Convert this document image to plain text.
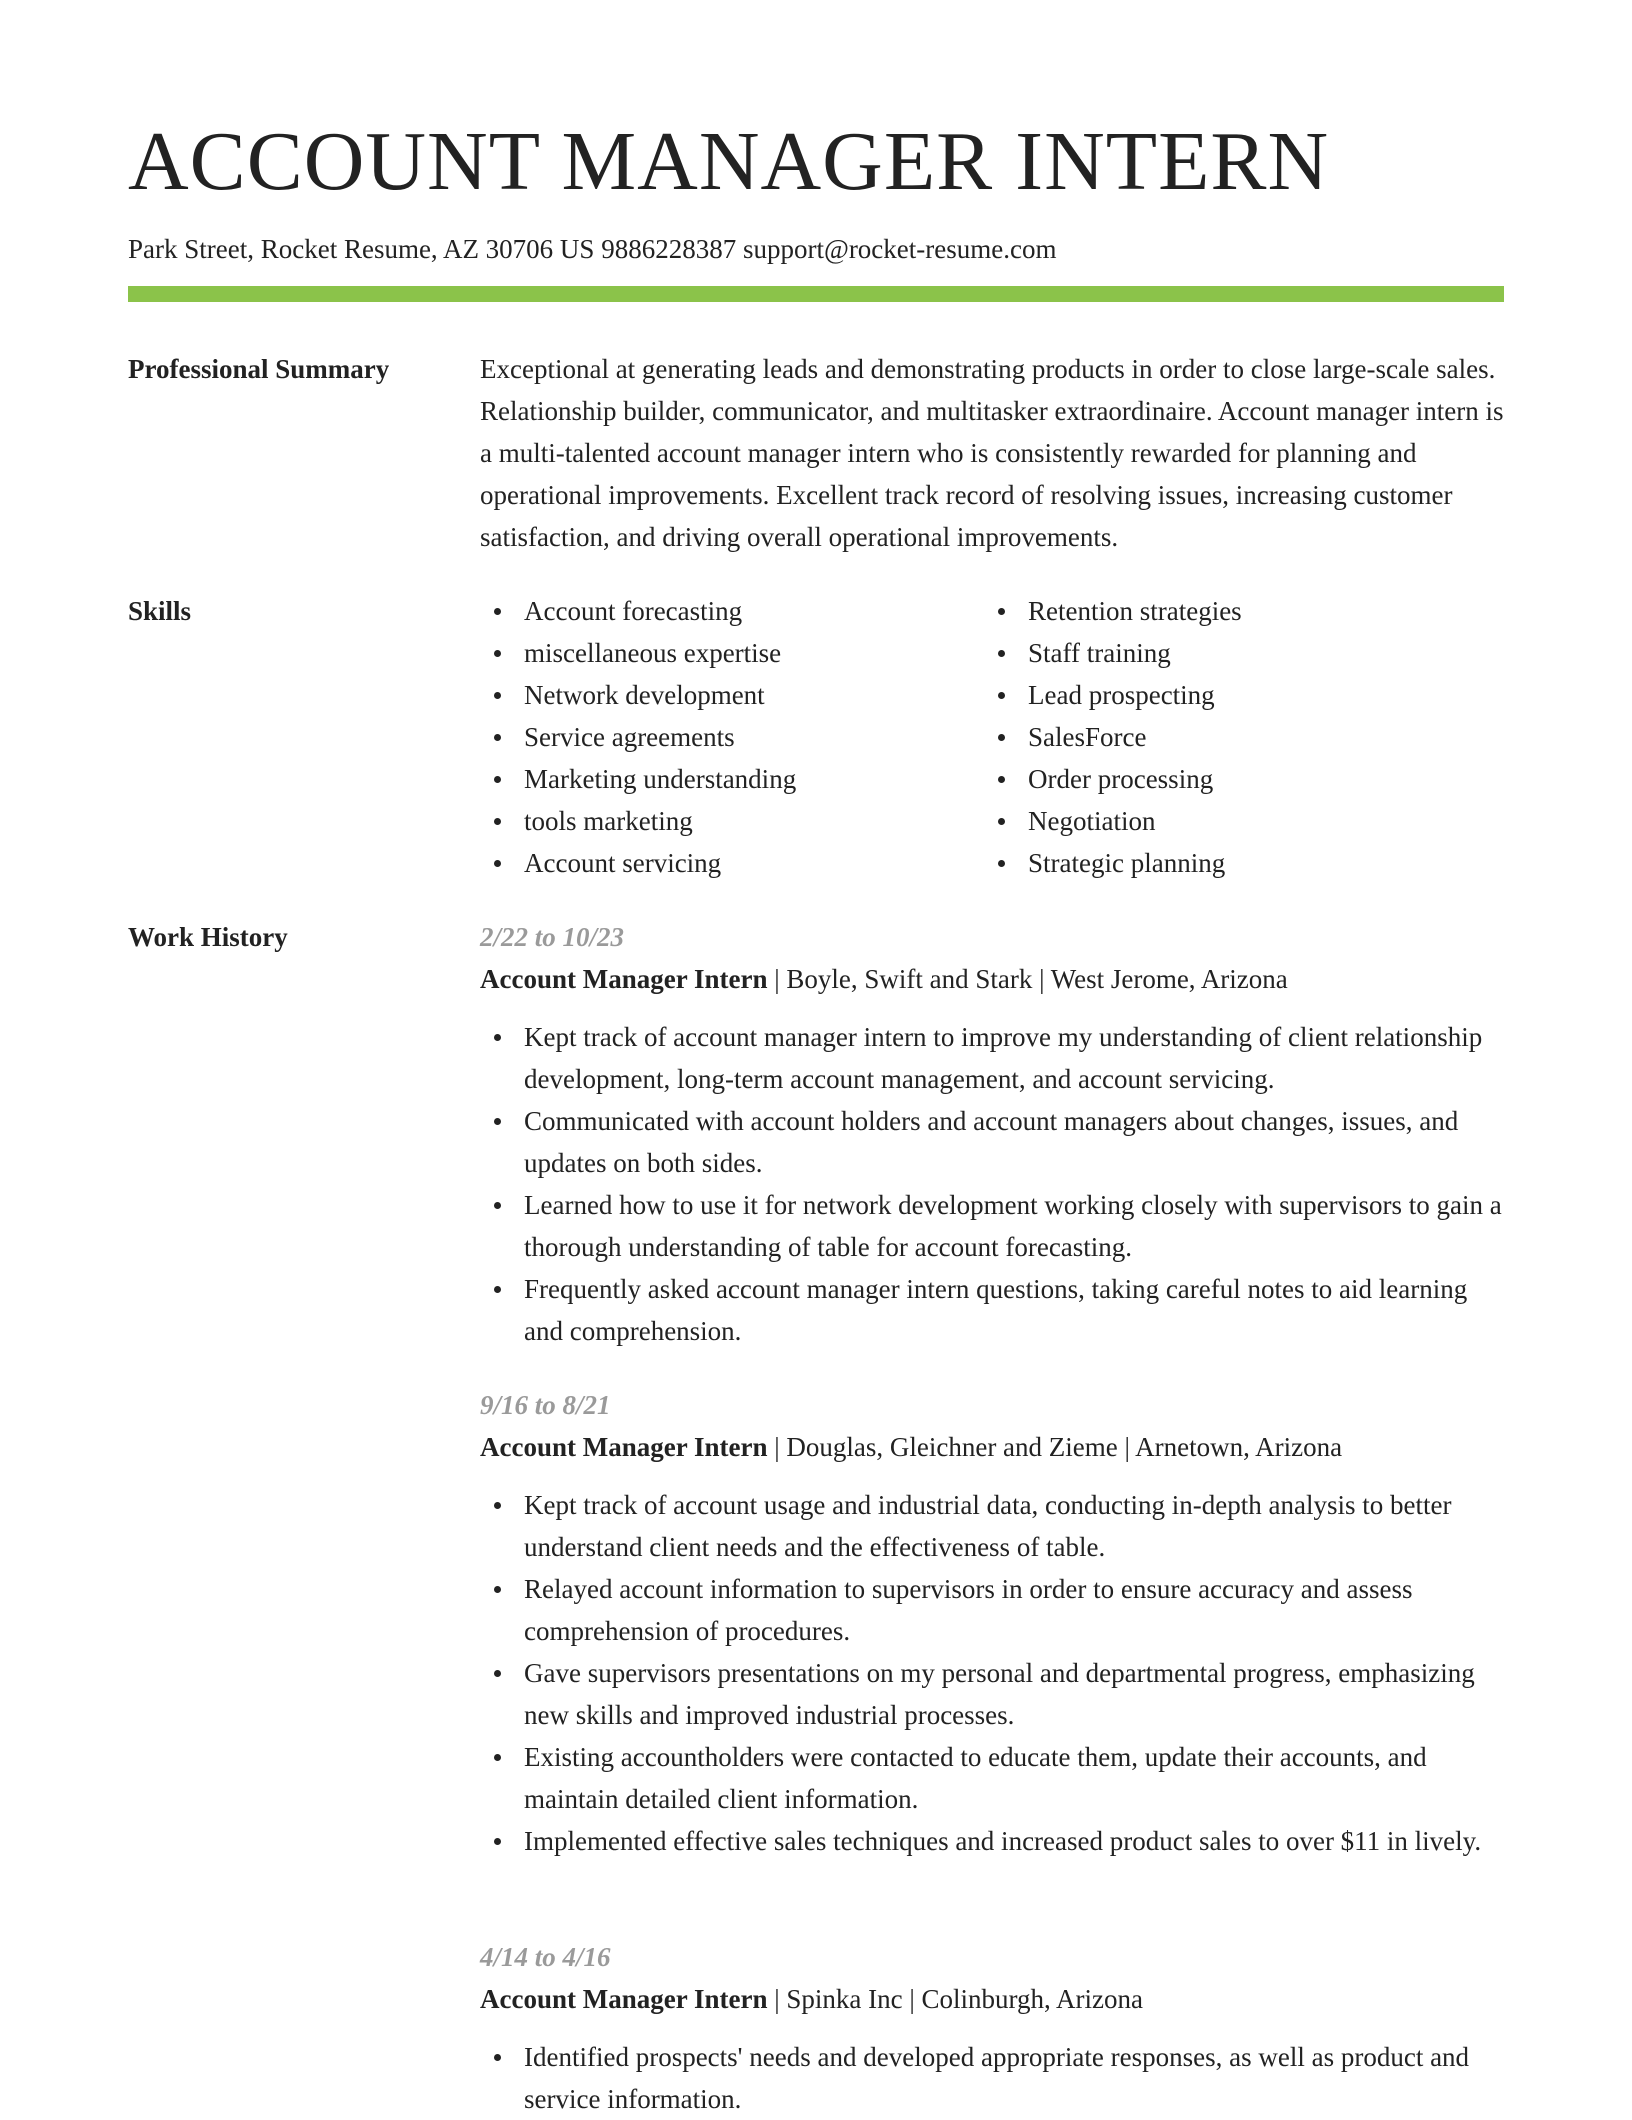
ACCOUNT MANAGER INTERN
Park Street, Rocket Resume, AZ 30706 US 9886228387 support@rocket-resume.com
Professional Summary	Exceptional at generating leads and demonstrating products in order to close large-scale sales. Relationship builder, communicator, and multitasker extraordinaire. Account manager intern is a multi-talented account manager intern who is consistently rewarded for planning and operational improvements. Excellent track record of resolving issues, increasing customer satisfaction, and driving overall operational improvements.

Skills	Account forecasting
miscellaneous expertise
Network development
Service agreements
Marketing understanding
tools marketing
Account servicing
Retention strategies
Staff training
Lead prospecting
SalesForce
Order processing
Negotiation
Strategic planning
Work History	2/22 to 10/23
Account Manager Intern | Boyle, Swift and Stark | West Jerome, Arizona
Kept track of account manager intern to improve my understanding of client relationship development, long-term account management, and account servicing.
Communicated with account holders and account managers about changes, issues, and updates on both sides.
Learned how to use it for network development working closely with supervisors to gain a thorough understanding of table for account forecasting.
Frequently asked account manager intern questions, taking careful notes to aid learning and comprehension.
9/16 to 8/21
Account Manager Intern | Douglas, Gleichner and Zieme | Arnetown, Arizona
Kept track of account usage and industrial data, conducting in-depth analysis to better understand client needs and the effectiveness of table.
Relayed account information to supervisors in order to ensure accuracy and assess comprehension of procedures.
Gave supervisors presentations on my personal and departmental progress, emphasizing new skills and improved industrial processes.
Existing accountholders were contacted to educate them, update their accounts, and maintain detailed client information.
Implemented effective sales techniques and increased product sales to over $11 in lively.
4/14 to 4/16
Account Manager Intern | Spinka Inc | Colinburgh, Arizona
Identified prospects' needs and developed appropriate responses, as well as product and service information.
